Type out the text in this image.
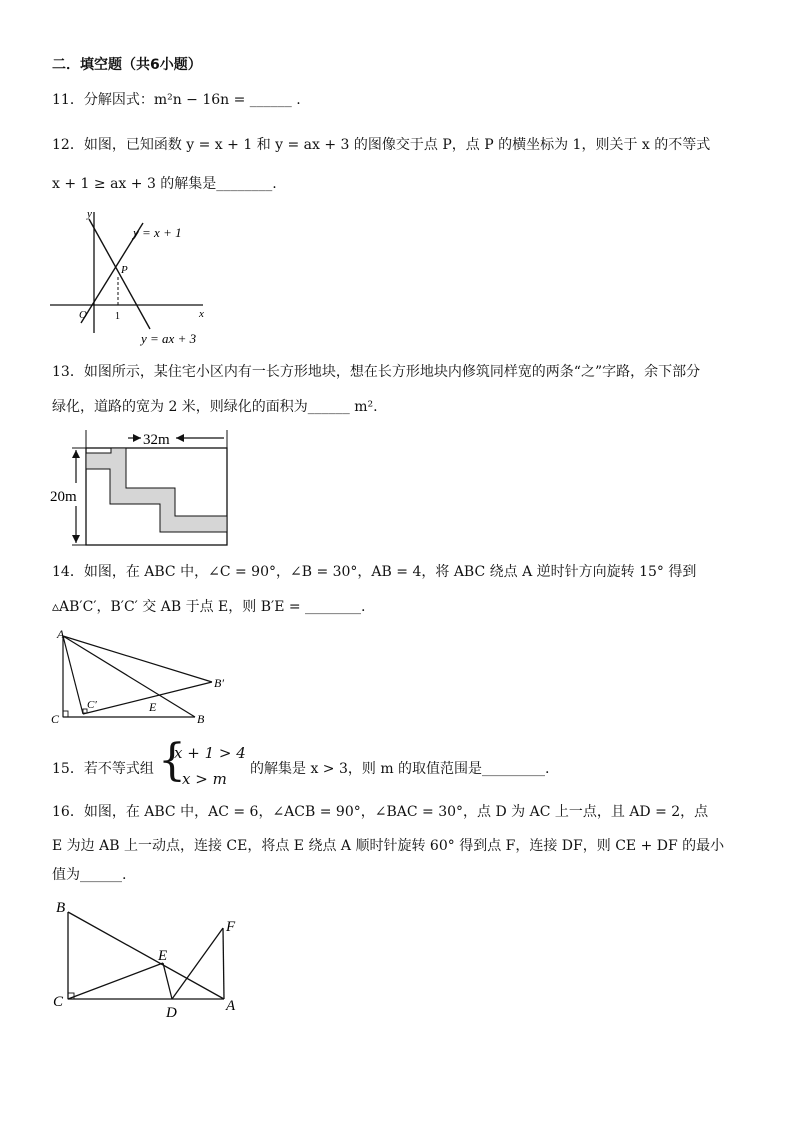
二．填空题（共6小题）
11．分解因式：m²n − 16n = ______ .
12．如图，已知函数 y = x + 1 和 y = ax + 3 的图像交于点 P，点 P 的横坐标为 1，则关于 x 的不等式
x + 1 ≥ ax + 3 的解集是________.
y
x
O	1
P
y = x + 1
y = ax + 3
13．如图所示，某住宅小区内有一长方形地块，想在长方形地块内修筑同样宽的两条“之”字路，余下部分
绿化，道路的宽为 2 米，则绿化的面积为______ m².
32m
20m
14．如图，在 ABC 中，∠C = 90°，∠B = 30°，AB = 4，将 ABC 绕点 A 逆时针方向旋转 15° 得到
▵AB′C′，B′C′ 交 AB 于点 E，则 B′E = ________.
A
C	B
C′
B′
E
15．若不等式组 {
x + 1 > 4
x > m
的解集是 x > 3，则 m 的取值范围是_________.
16．如图，在 ABC 中，AC = 6，∠ACB = 90°，∠BAC = 30°，点 D 为 AC 上一点，且 AD = 2，点
E 为边 AB 上一动点，连接 CE，将点 E 绕点 A 顺时针旋转 60° 得到点 F，连接 DF，则 CE + DF 的最小
值为______.
B
C	A
D
E
F
